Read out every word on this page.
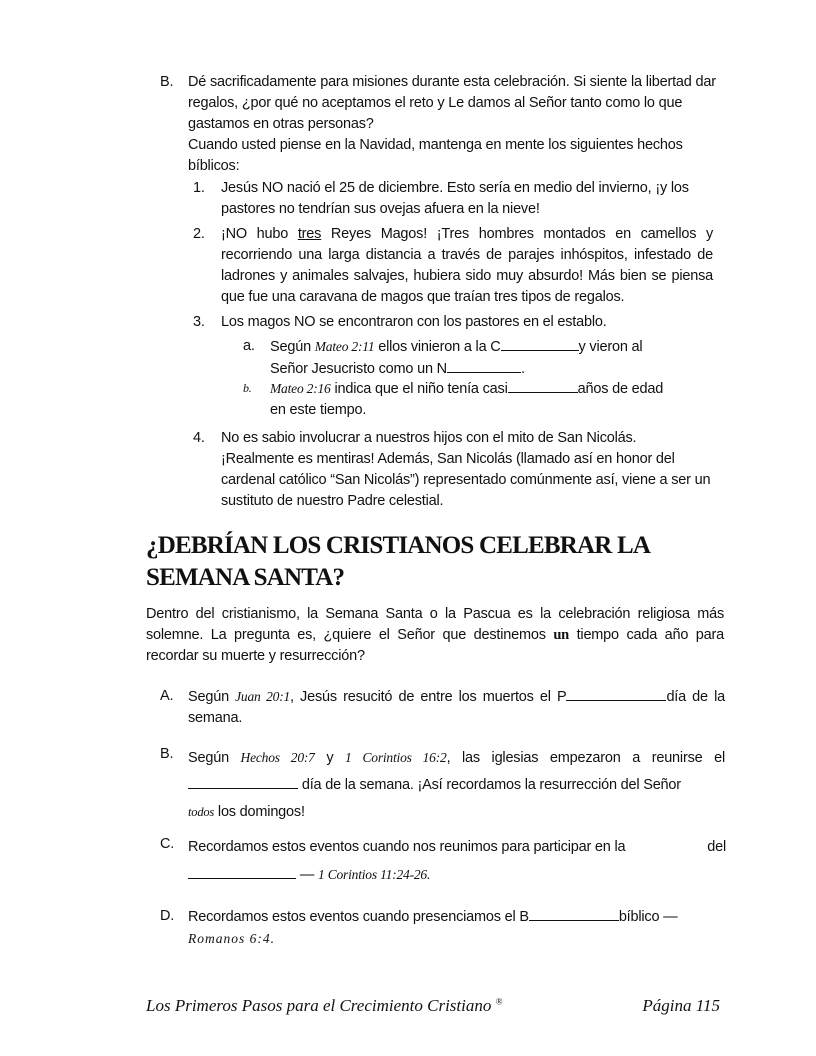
B.	Dé sacrificadamente para misiones durante esta celebración. Si siente la libertad dar regalos, ¿por qué no aceptamos el reto y Le damos al Señor tanto como lo que gastamos en otras personas?

Cuando usted piense en la Navidad, mantenga en mente los siguientes hechos bíblicos:

1.	Jesús NO nació el 25 de diciembre. Esto sería en medio del invierno, ¡y los pastores no tendrían sus ovejas afuera en la nieve!

2.	¡NO hubo tres Reyes Magos! ¡Tres hombres montados en camellos y recorriendo una larga distancia a través de parajes inhóspitos, infestado de ladrones y animales salvajes, hubiera sido muy absurdo! Más bien se piensa que fue una caravana de magos que traían tres tipos de regalos.

3.	Los magos NO se encontraron con los pastores en el establo.

a.	Según Mateo 2:11 ellos vinieron a la C	y vieron al

Señor Jesucristo como un N	.

b.	Mateo 2:16 indica que el niño tenía casi	años de edad

en este tiempo.

4.	No es sabio involucrar a nuestros hijos con el mito de San Nicolás. ¡Realmente es mentiras! Además, San Nicolás (llamado así en honor del cardenal católico “San Nicolás”) representado comúnmente así, viene a ser un sustituto de nuestro Padre celestial.

¿DEBRÍAN LOS CRISTIANOS CELEBRAR LA
SEMANA SANTA?

Dentro del cristianismo, la Semana Santa o la Pascua es la celebración religiosa más solemne. La pregunta es, ¿quiere el Señor que destinemos un tiempo cada año para recordar su muerte y resurrección?

A.	Según Juan 20:1, Jesús resucitó de entre los muertos el P	día de la semana.

B.	Según Hechos 20:7 y 1 Corintios 16:2, las iglesias empezaron a reunirse el

día de la semana. ¡Así recordamos la resurrección del Señor

todos los domingos!

C. Recordamos estos eventos cuando nos reunimos para participar en la	del

— 1 Corintios 11:24-26.

D. Recordamos estos eventos cuando presenciamos el B	bíblico —

Romanos 6:4.

Los Primeros Pasos para el Crecimiento Cristiano ®	Página 115
